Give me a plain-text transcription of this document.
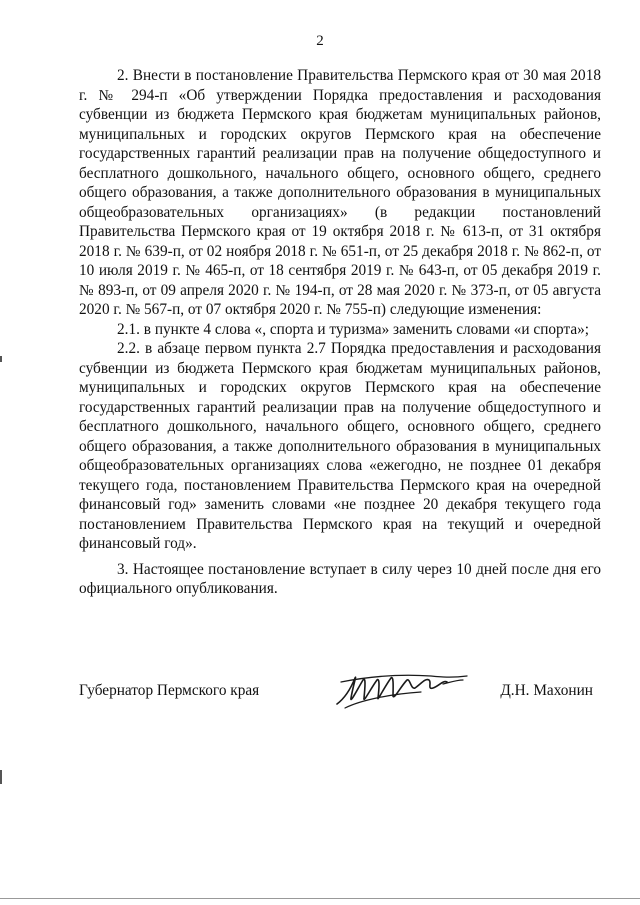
2

2. Внести в постановление Правительства Пермского края от 30 мая 2018 г. № 294-п «Об утверждении Порядка предоставления и расходования субвенции из бюджета Пермского края бюджетам муниципальных районов, муниципальных и городских округов Пермского края на обеспечение государственных гарантий реализации прав на получение общедоступного и бесплатного дошкольного, начального общего, основного общего, среднего общего образования, а также дополнительного образования в муниципальных общеобразовательных организациях» (в редакции постановлений Правительства Пермского края от 19 октября 2018 г. № 613-п, от 31 октября 2018 г. № 639-п, от 02 ноября 2018 г. № 651-п, от 25 декабря 2018 г. № 862-п, от 10 июля 2019 г. № 465-п, от 18 сентября 2019 г. № 643-п, от 05 декабря 2019 г. № 893-п, от 09 апреля 2020 г. № 194-п, от 28 мая 2020 г. № 373-п, от 05 августа 2020 г. № 567-п, от 07 октября 2020 г. № 755-п) следующие изменения:

2.1. в пункте 4 слова «, спорта и туризма» заменить словами «и спорта»;

2.2. в абзаце первом пункта 2.7 Порядка предоставления и расходования субвенции из бюджета Пермского края бюджетам муниципальных районов, муниципальных и городских округов Пермского края на обеспечение государственных гарантий реализации прав на получение общедоступного и бесплатного дошкольного, начального общего, основного общего, среднего общего образования, а также дополнительного образования в муниципальных общеобразовательных организациях слова «ежегодно, не позднее 01 декабря текущего года, постановлением Правительства Пермского края на очередной финансовый год» заменить словами «не позднее 20 декабря текущего года постановлением Правительства Пермского края на текущий и очередной финансовый год».

3. Настоящее постановление вступает в силу через 10 дней после дня его официального опубликования.

Губернатор Пермского края	Д.Н. Махонин
